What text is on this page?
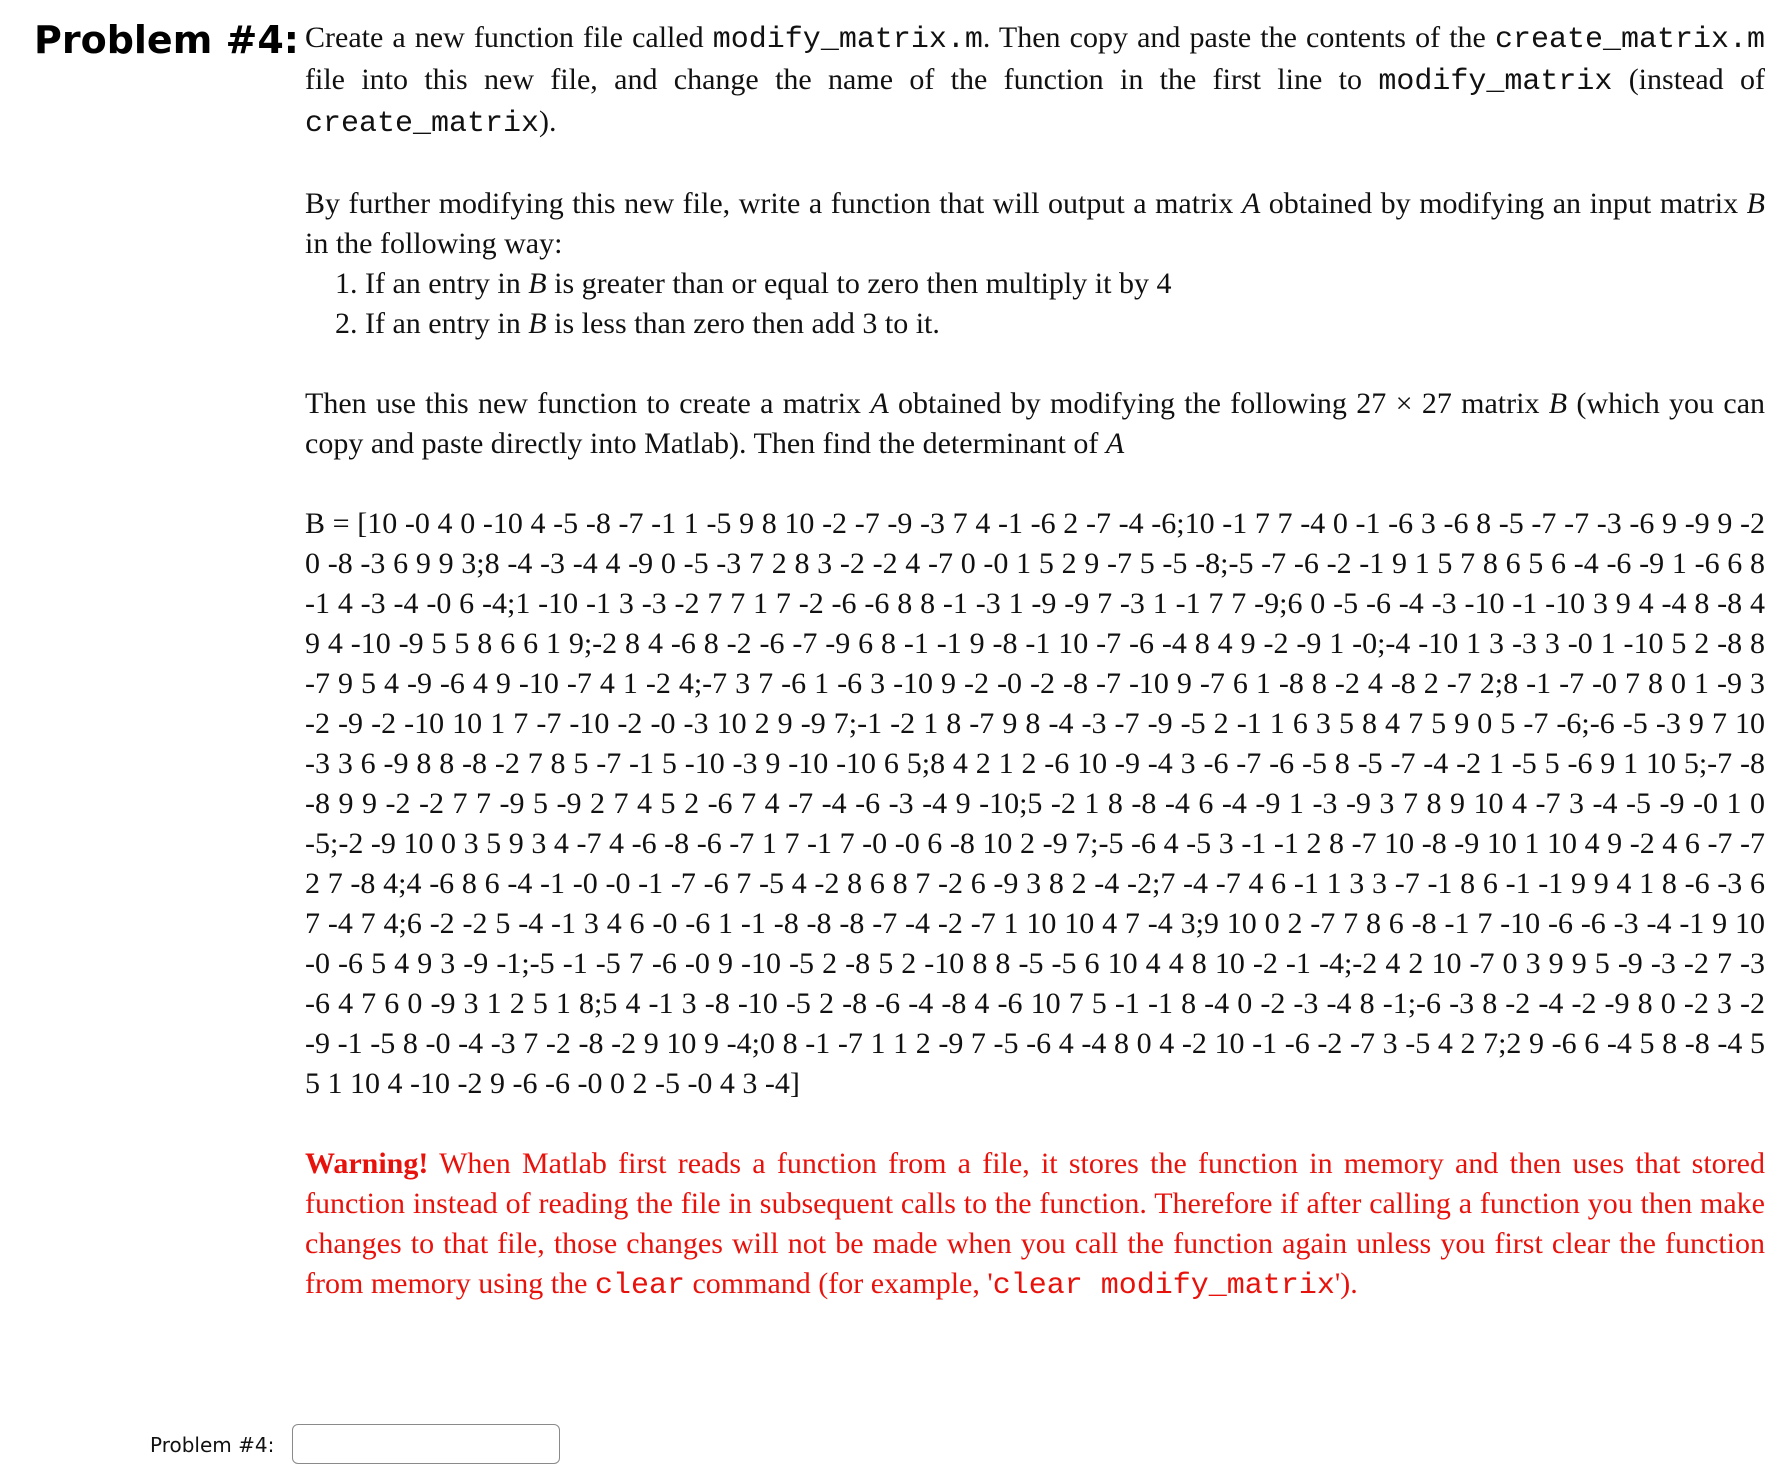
Problem #4: Create a new function file called modify_matrix.m. Then copy and paste the contents of the create_matrix.m file into this new file, and change the name of the function in the first line to modify_matrix (instead of create_matrix).

By further modifying this new file, write a function that will output a matrix A obtained by modifying an input matrix B in the following way:

1. If an entry in B is greater than or equal to zero then multiply it by 4
2. If an entry in B is less than zero then add 3 to it.

Then use this new function to create a matrix A obtained by modifying the following 27 × 27 matrix B (which you can copy and paste directly into Matlab). Then find the determinant of A

B = [10 -0 4 0 -10 4 -5 -8 -7 -1 1 -5 9 8 10 -2 -7 -9 -3 7 4 -1 -6 2 -7 -4 -6;10 -1 7 7 -4 0 -1 -6 3 -6 8 -5 -7 -7 -3 -6 9 -9 9 -2 0 -8 -3 6 9 9 3;8 -4 -3 -4 4 -9 0 -5 -3 7 2 8 3 -2 -2 4 -7 0 -0 1 5 2 9 -7 5 -5 -8;-5 -7 -6 -2 -1 9 1 5 7 8 6 5 6 -4 -6 -9 1 -6 6 8 -1 4 -3 -4 -0 6 -4;1 -10 -1 3 -3 -2 7 7 1 7 -2 -6 -6 8 8 -1 -3 1 -9 -9 7 -3 1 -1 7 7 -9;6 0 -5 -6 -4 -3 -10 -1 -10 3 9 4 -4 8 -8 4 9 4 -10 -9 5 5 8 6 6 1 9;-2 8 4 -6 8 -2 -6 -7 -9 6 8 -1 -1 9 -8 -1 10 -7 -6 -4 8 4 9 -2 -9 1 -0;-4 -10 1 3 -3 3 -0 1 -10 5 2 -8 8 -7 9 5 4 -9 -6 4 9 -10 -7 4 1 -2 4;-7 3 7 -6 1 -6 3 -10 9 -2 -0 -2 -8 -7 -10 9 -7 6 1 -8 8 -2 4 -8 2 -7 2;8 -1 -7 -0 7 8 0 1 -9 3 -2 -9 -2 -10 10 1 7 -7 -10 -2 -0 -3 10 2 9 -9 7;-1 -2 1 8 -7 9 8 -4 -3 -7 -9 -5 2 -1 1 6 3 5 8 4 7 5 9 0 5 -7 -6;-6 -5 -3 9 7 10 -3 3 6 -9 8 8 -8 -2 7 8 5 -7 -1 5 -10 -3 9 -10 -10 6 5;8 4 2 1 2 -6 10 -9 -4 3 -6 -7 -6 -5 8 -5 -7 -4 -2 1 -5 5 -6 9 1 10 5;-7 -8 -8 9 9 -2 -2 7 7 -9 5 -9 2 7 4 5 2 -6 7 4 -7 -4 -6 -3 -4 9 -10;5 -2 1 8 -8 -4 6 -4 -9 1 -3 -9 3 7 8 9 10 4 -7 3 -4 -5 -9 -0 1 0 -5;-2 -9 10 0 3 5 9 3 4 -7 4 -6 -8 -6 -7 1 7 -1 7 -0 -0 6 -8 10 2 -9 7;-5 -6 4 -5 3 -1 -1 2 8 -7 10 -8 -9 10 1 10 4 9 -2 4 6 -7 -7 2 7 -8 4;4 -6 8 6 -4 -1 -0 -0 -1 -7 -6 7 -5 4 -2 8 6 8 7 -2 6 -9 3 8 2 -4 -2;7 -4 -7 4 6 -1 1 3 3 -7 -1 8 6 -1 -1 9 9 4 1 8 -6 -3 6 7 -4 7 4;6 -2 -2 5 -4 -1 3 4 6 -0 -6 1 -1 -8 -8 -8 -7 -4 -2 -7 1 10 10 4 7 -4 3;9 10 0 2 -7 7 8 6 -8 -1 7 -10 -6 -6 -3 -4 -1 9 10 -0 -6 5 4 9 3 -9 -1;-5 -1 -5 7 -6 -0 9 -10 -5 2 -8 5 2 -10 8 8 -5 -5 6 10 4 4 8 10 -2 -1 -4;-2 4 2 10 -7 0 3 9 9 5 -9 -3 -2 7 -3 -6 4 7 6 0 -9 3 1 2 5 1 8;5 4 -1 3 -8 -10 -5 2 -8 -6 -4 -8 4 -6 10 7 5 -1 -1 8 -4 0 -2 -3 -4 8 -1;-6 -3 8 -2 -4 -2 -9 8 0 -2 3 -2 -9 -1 -5 8 -0 -4 -3 7 -2 -8 -2 9 10 9 -4;0 8 -1 -7 1 1 2 -9 7 -5 -6 4 -4 8 0 4 -2 10 -1 -6 -2 -7 3 -5 4 2 7;2 9 -6 6 -4 5 8 -8 -4 5 5 1 10 4 -10 -2 9 -6 -6 -0 0 2 -5 -0 4 3 -4]

Warning! When Matlab first reads a function from a file, it stores the function in memory and then uses that stored function instead of reading the file in subsequent calls to the function. Therefore if after calling a function you then make changes to that file, those changes will not be made when you call the function again unless you first clear the function from memory using the clear command (for example, 'clear modify_matrix').

Problem #4:
